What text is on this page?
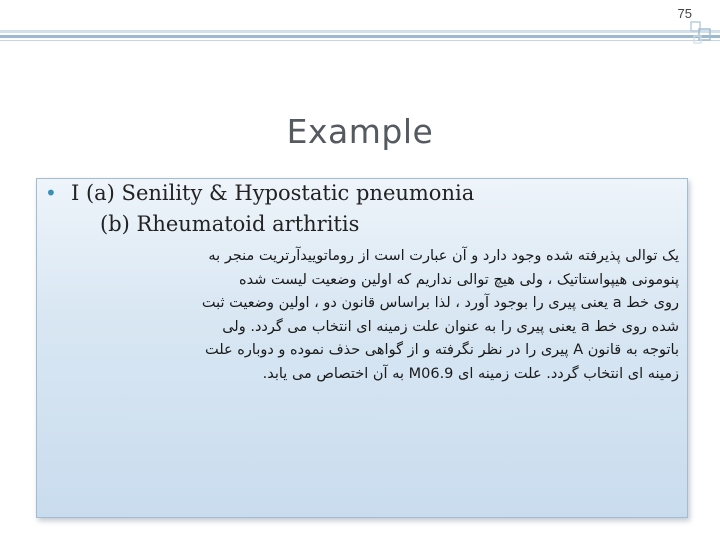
75
Example
• I (a) Senility & Hypostatic pneumonia
(b) Rheumatoid arthritis
یک توالی پذیرفته شده وجود دارد و آن عبارت است از روماتوییدآرتریت منجر به
پنومونی هیپواستاتیک ، ولی هیچ توالی نداریم که اولین وضعیت لیست شده
روی خط a یعنی پیری را بوجود آورد ، لذا براساس قانون دو ، اولین وضعیت ثبت
شده روی خط a یعنی پیری را به عنوان علت زمینه ای انتخاب می گردد. ولی
باتوجه به قانون A پیری را در نظر نگرفته و از گواهی حذف نموده و دوباره علت
زمینه ای انتخاب گردد. علت زمینه ای M06.9 به آن اختصاص می یابد.
